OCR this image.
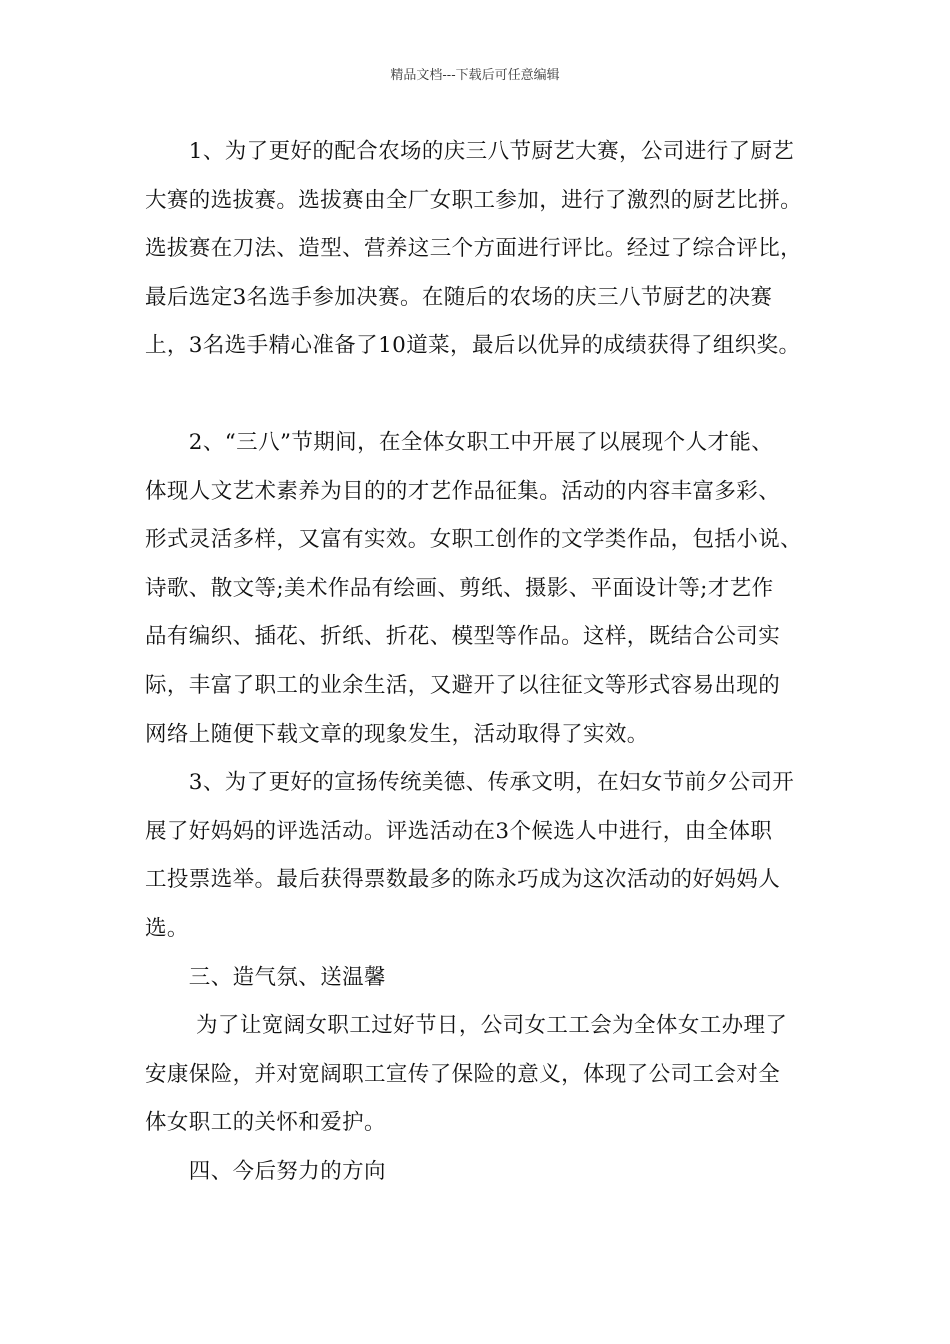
精品文档---下载后可任意编辑

　　1、为了更好的配合农场的庆三八节厨艺大赛，公司进行了厨艺
大赛的选拔赛。选拔赛由全厂女职工参加，进行了激烈的厨艺比拼。
选拔赛在刀法、造型、营养这三个方面进行评比。经过了综合评比，
最后选定3名选手参加决赛。在随后的农场的庆三八节厨艺的决赛
上，3名选手精心准备了10道菜，最后以优异的成绩获得了组织奖。

　　2、“三八”节期间，在全体女职工中开展了以展现个人才能、
体现人文艺术素养为目的的才艺作品征集。活动的内容丰富多彩、
形式灵活多样，又富有实效。女职工创作的文学类作品，包括小说、
诗歌、散文等;美术作品有绘画、剪纸、摄影、平面设计等;才艺作
品有编织、插花、折纸、折花、模型等作品。这样，既结合公司实
际，丰富了职工的业余生活，又避开了以往征文等形式容易出现的
网络上随便下载文章的现象发生，活动取得了实效。

　　3、为了更好的宣扬传统美德、传承文明，在妇女节前夕公司开
展了好妈妈的评选活动。评选活动在3个候选人中进行，由全体职
工投票选举。最后获得票数最多的陈永巧成为这次活动的好妈妈人
选。

　　三、造气氛、送温馨

　　 为了让宽阔女职工过好节日，公司女工工会为全体女工办理了
安康保险，并对宽阔职工宣传了保险的意义，体现了公司工会对全
体女职工的关怀和爱护。

　　四、今后努力的方向
